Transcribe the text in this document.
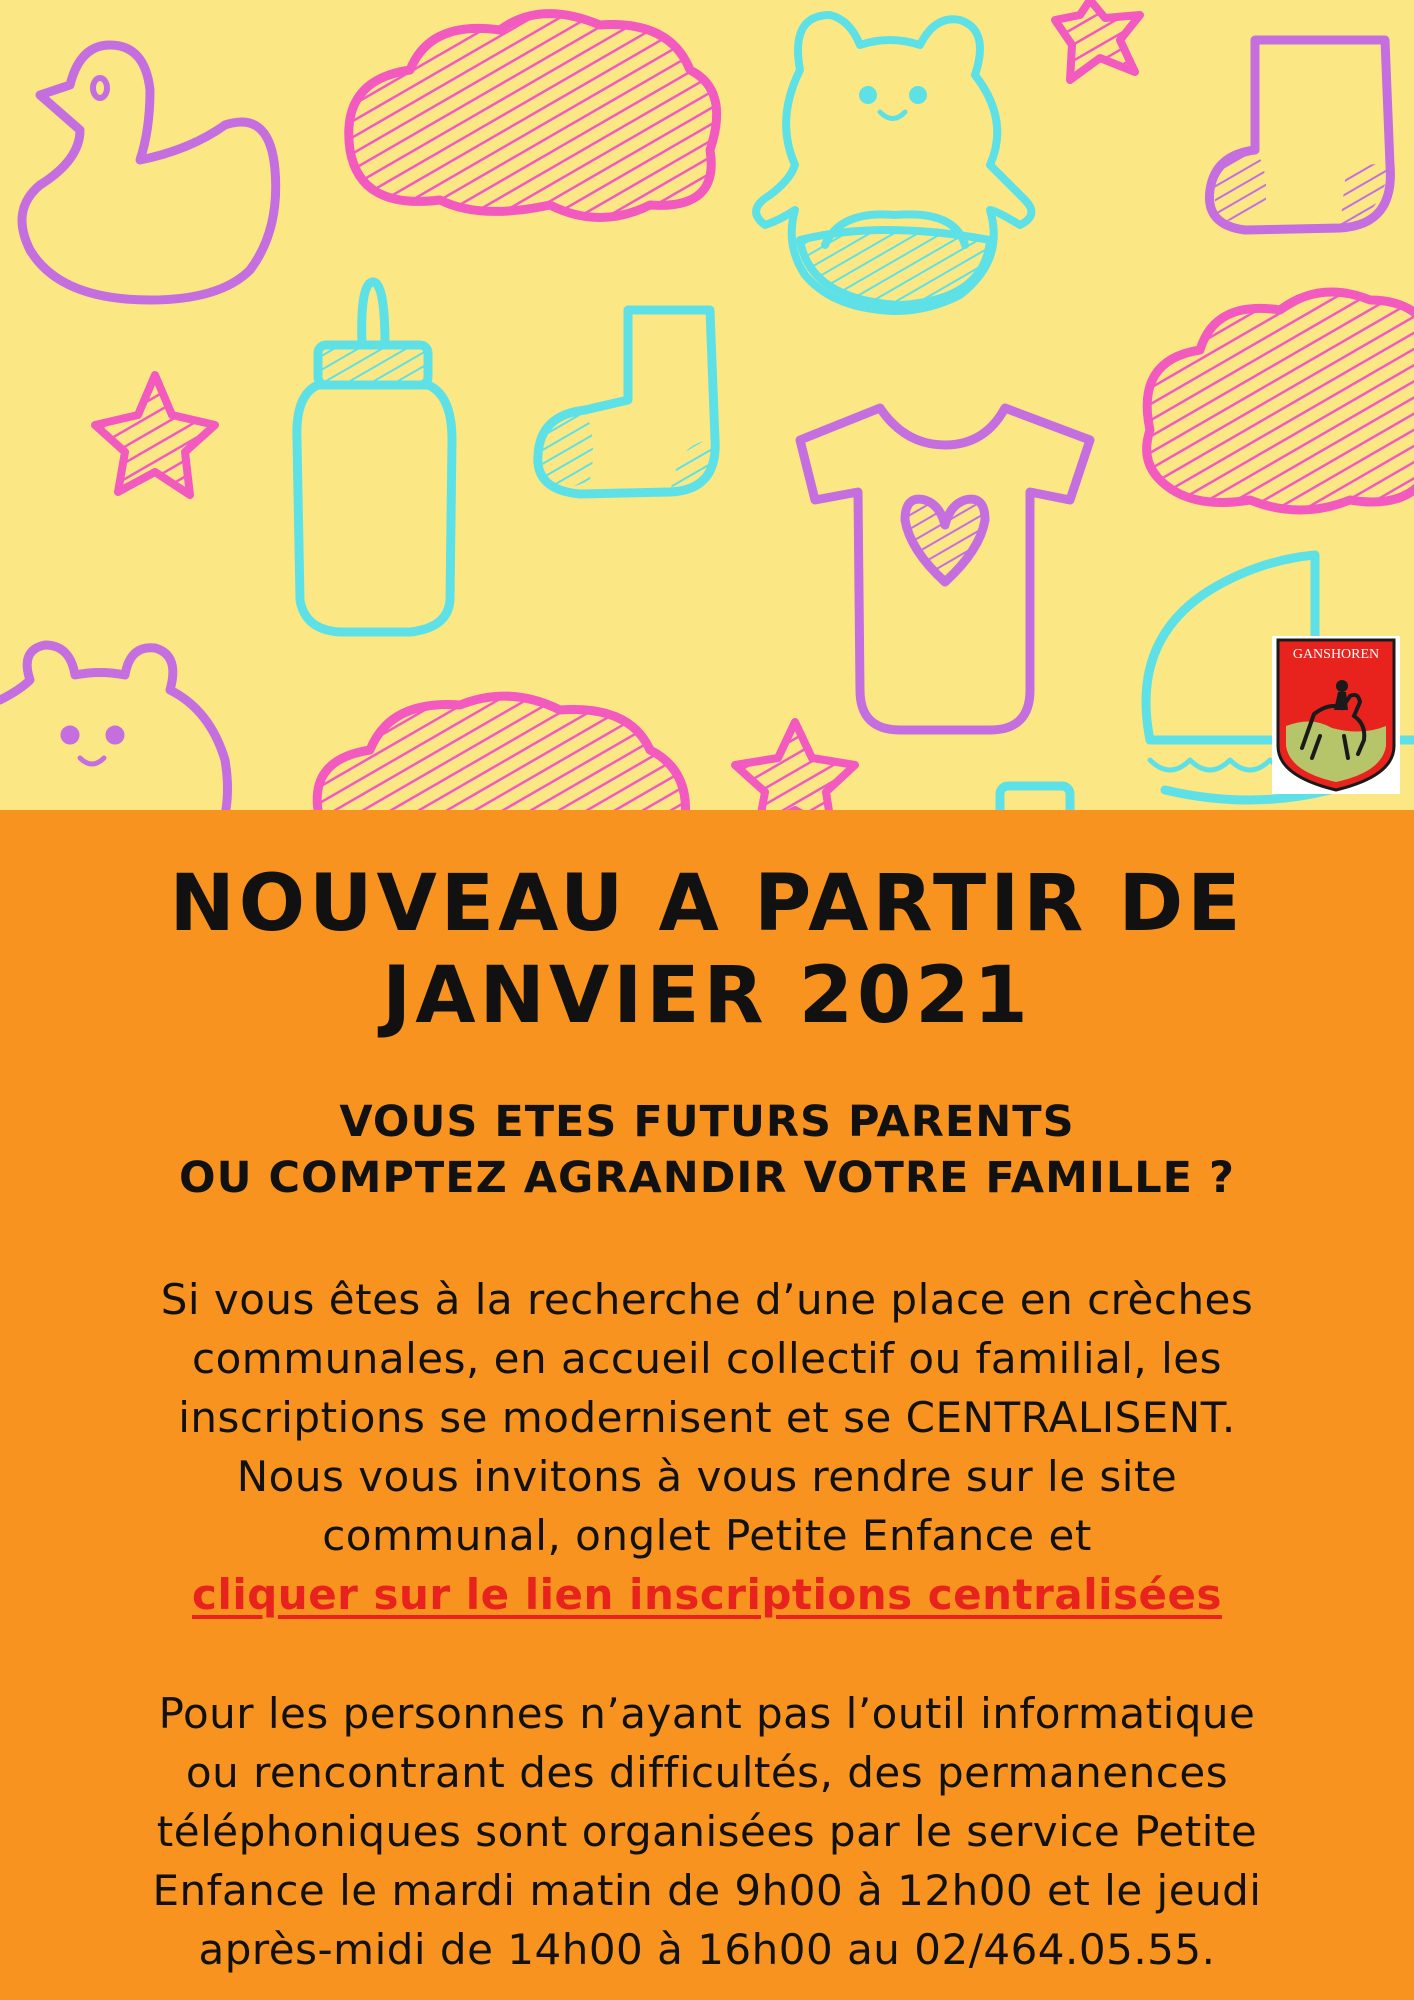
GANSHOREN
NOUVEAU A PARTIR DE
JANVIER 2021
VOUS ETES FUTURS PARENTS
OU COMPTEZ AGRANDIR VOTRE FAMILLE ?
Si vous êtes à la recherche d’une place en crèches
communales, en accueil collectif ou familial, les
inscriptions se modernisent et se CENTRALISENT.
Nous vous invitons à vous rendre sur le site
communal, onglet Petite Enfance et
cliquer sur le lien inscriptions centralisées
Pour les personnes n’ayant pas l’outil informatique
ou rencontrant des difficultés, des permanences
téléphoniques sont organisées par le service Petite
Enfance le mardi matin de 9h00 à 12h00 et le jeudi
après-midi de 14h00 à 16h00 au 02/464.05.55.
